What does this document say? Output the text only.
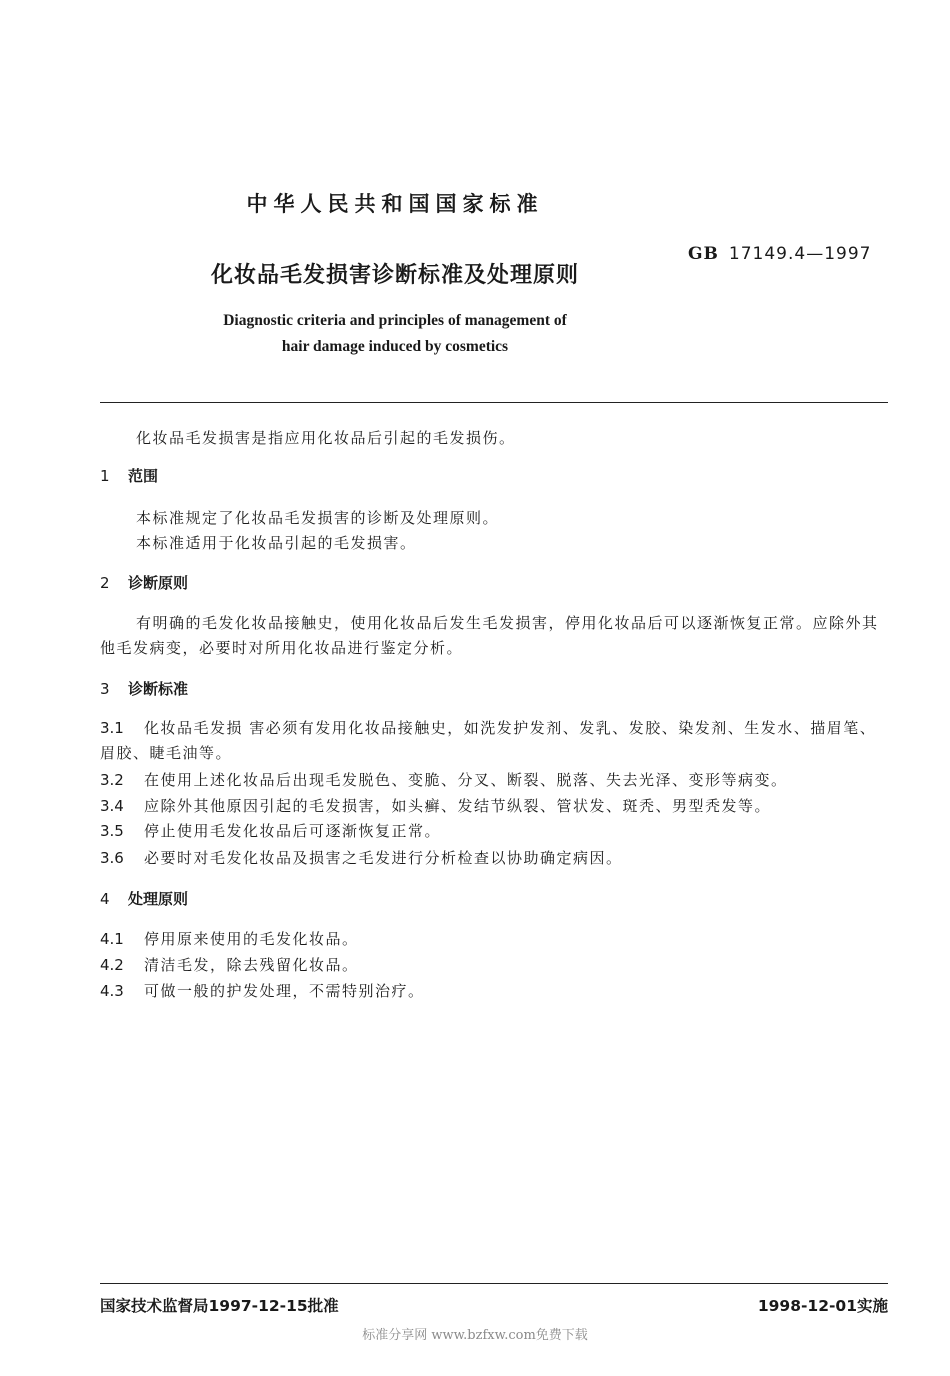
中华人民共和国国家标准
GB 17149.4—1997
化妆品毛发损害诊断标准及处理原则
Diagnostic criteria and principles of management of
hair damage induced by cosmetics
化妆品毛发损害是指应用化妆品后引起的毛发损伤。
1 范围
本标准规定了化妆品毛发损害的诊断及处理原则。
本标准适用于化妆品引起的毛发损害。
2 诊断原则
有明确的毛发化妆品接触史，使用化妆品后发生毛发损害，停用化妆品后可以逐渐恢复正常。应除外其他毛发病变，必要时对所用化妆品进行鉴定分析。
3 诊断标准
3.1 化妆品毛发损 害必须有发用化妆品接触史，如洗发护发剂、发乳、发胶、染发剂、生发水、描眉笔、眉胶、睫毛油等。
3.2 在使用上述化妆品后出现毛发脱色、变脆、分叉、断裂、脱落、失去光泽、变形等病变。
3.4 应除外其他原因引起的毛发损害，如头癣、发结节纵裂、管状发、斑秃、男型秃发等。
3.5 停止使用毛发化妆品后可逐渐恢复正常。
3.6 必要时对毛发化妆品及损害之毛发进行分析检查以协助确定病因。
4 处理原则
4.1 停用原来使用的毛发化妆品。
4.2 清洁毛发，除去残留化妆品。
4.3 可做一般的护发处理，不需特别治疗。
国家技术监督局1997-12-15批准	1998-12-01实施
标准分享网 www.bzfxw.com免费下载
